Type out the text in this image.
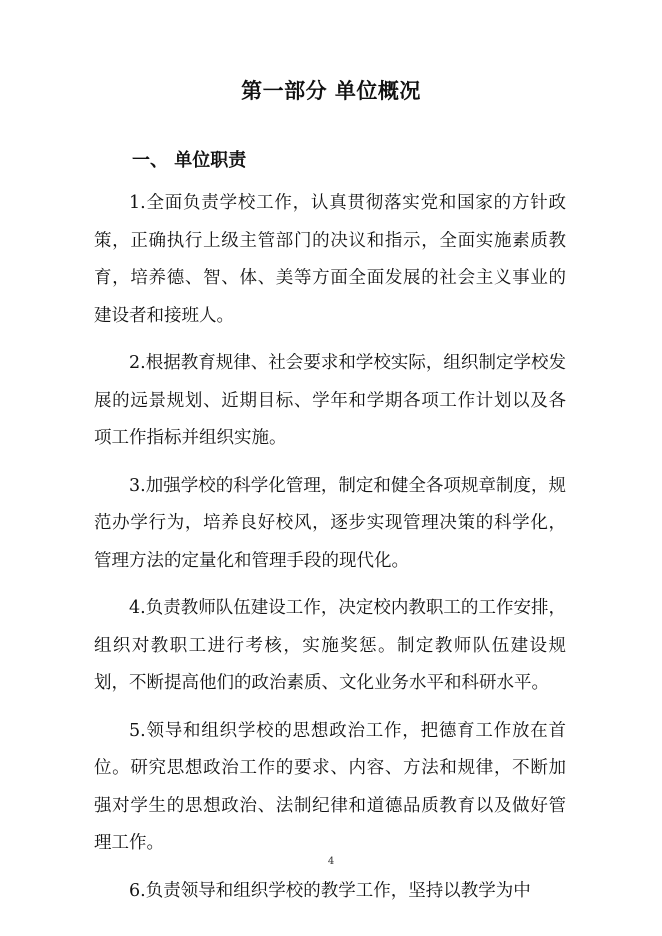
第一部分 单位概况
一、 单位职责

1.全面负责学校工作，认真贯彻落实党和国家的方针政策，正确执行上级主管部门的决议和指示，全面实施素质教育，培养德、智、体、美等方面全面发展的社会主义事业的建设者和接班人。

2.根据教育规律、社会要求和学校实际，组织制定学校发展的远景规划、近期目标、学年和学期各项工作计划以及各项工作指标并组织实施。

3.加强学校的科学化管理，制定和健全各项规章制度，规范办学行为，培养良好校风，逐步实现管理决策的科学化，管理方法的定量化和管理手段的现代化。

4.负责教师队伍建设工作，决定校内教职工的工作安排，组织对教职工进行考核，实施奖惩。制定教师队伍建设规划，不断提高他们的政治素质、文化业务水平和科研水平。

5.领导和组织学校的思想政治工作，把德育工作放在首位。研究思想政治工作的要求、内容、方法和规律，不断加强对学生的思想政治、法制纪律和道德品质教育以及做好管理工作。

6.负责领导和组织学校的教学工作，坚持以教学为中

4
